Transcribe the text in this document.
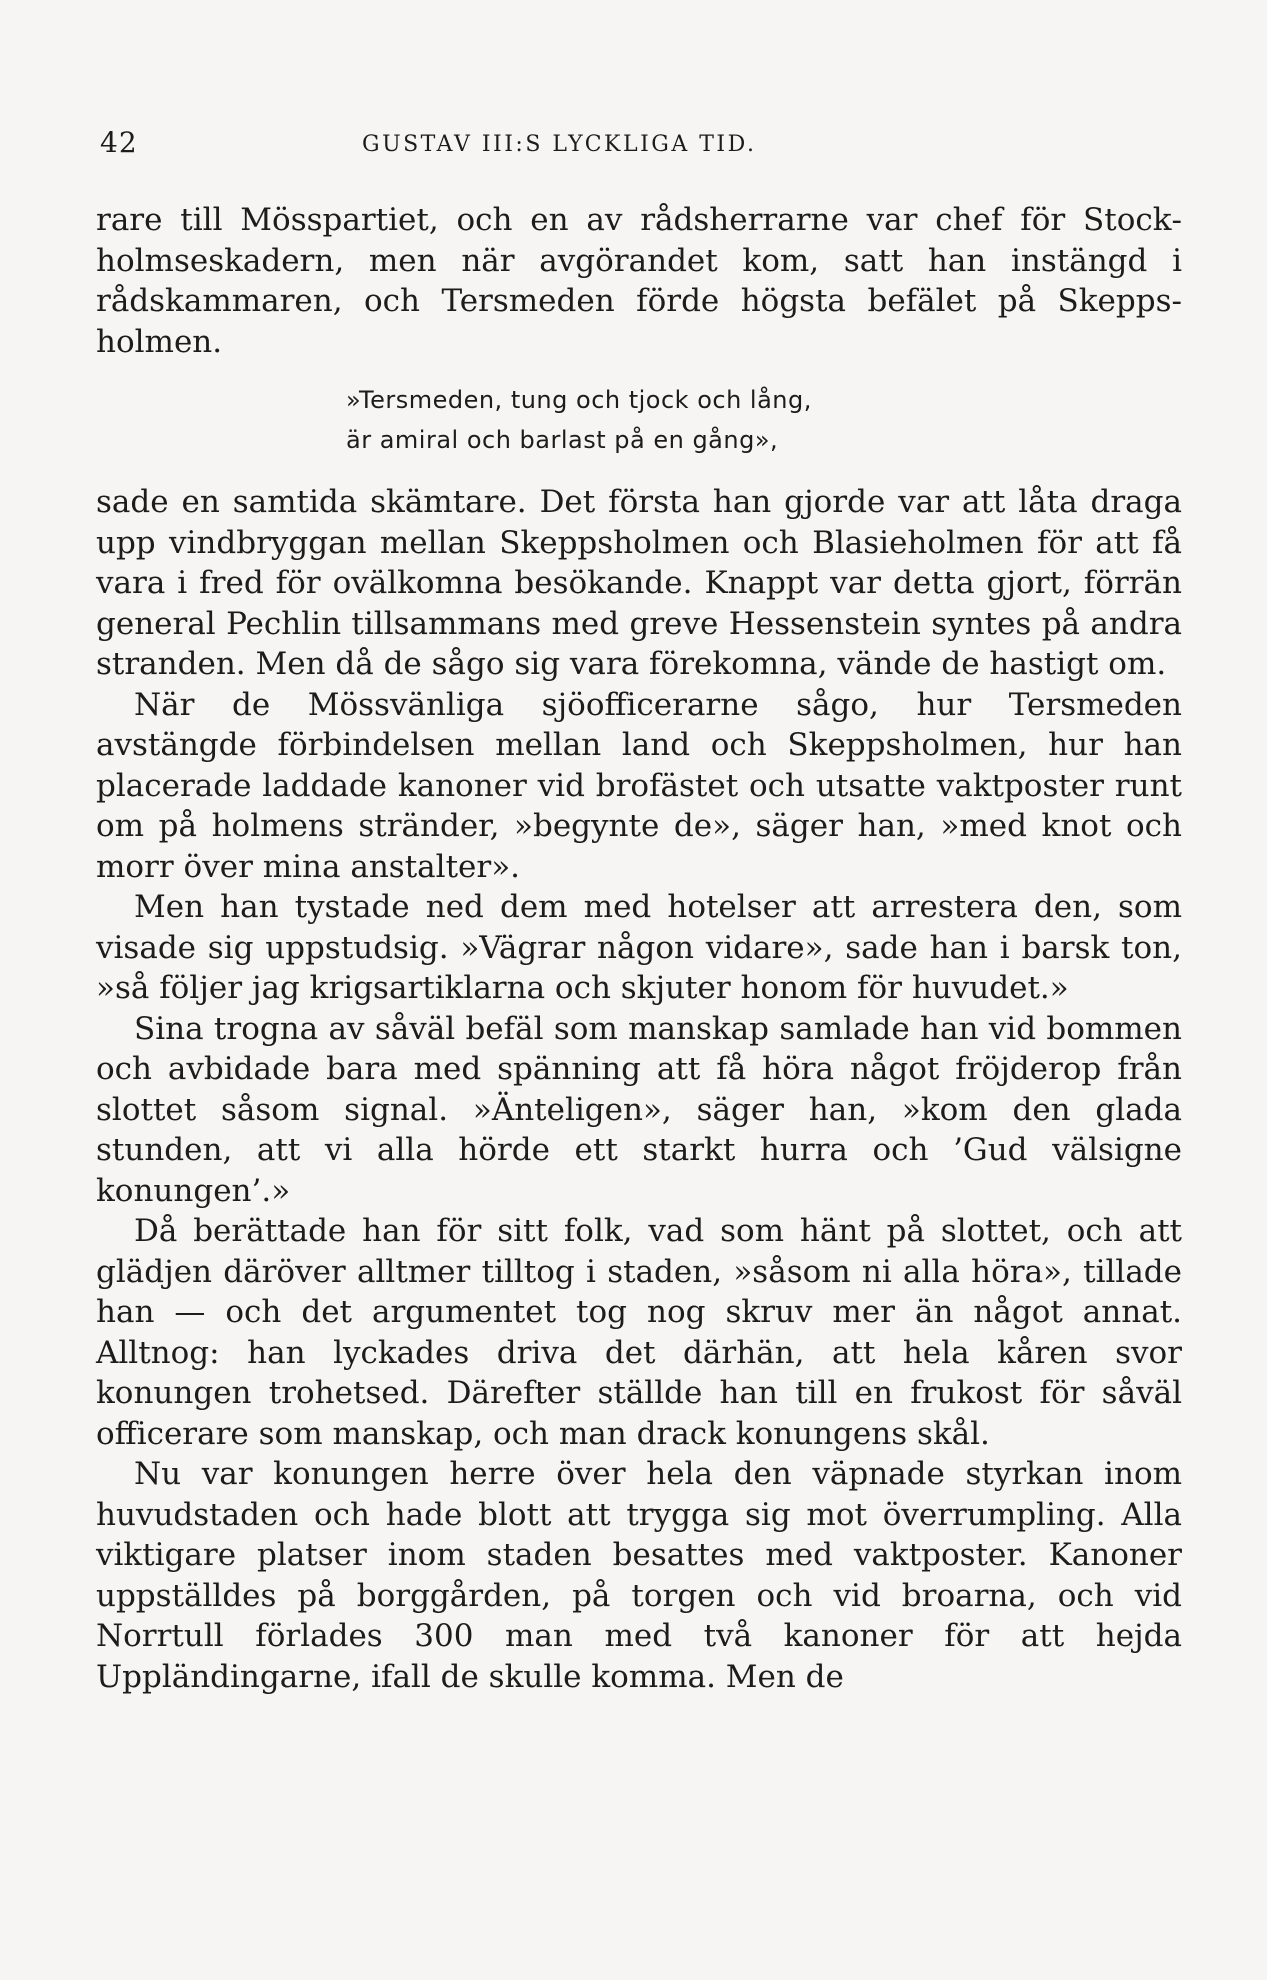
42	GUSTAV III:S LYCKLIGA TID.

rare till Mösspartiet, och en av rådsherrarne var chef för Stockholmseskadern, men när avgörandet kom, satt han instängd i rådskammaren, och Tersmeden förde högsta befälet på Skeppsholmen.

»Tersmeden, tung och tjock och lång,
är amiral och barlast på en gång»,

sade en samtida skämtare. Det första han gjorde var att låta draga upp vindbryggan mellan Skeppsholmen och Blasieholmen för att få vara i fred för ovälkomna besökande. Knappt var detta gjort, förrän general Pechlin tillsammans med greve Hessenstein syntes på andra stranden. Men då de sågo sig vara förekomna, vände de hastigt om.

När de Mössvänliga sjöofficerarne sågo, hur Tersmeden avstängde förbindelsen mellan land och Skeppsholmen, hur han placerade laddade kanoner vid brofästet och utsatte vaktposter runt om på holmens stränder, »begynte de», säger han, »med knot och morr över mina anstalter».

Men han tystade ned dem med hotelser att arrestera den, som visade sig uppstudsig. »Vägrar någon vidare», sade han i barsk ton, »så följer jag krigsartiklarna och skjuter honom för huvudet.»

Sina trogna av såväl befäl som manskap samlade han vid bommen och avbidade bara med spänning att få höra något fröjderop från slottet såsom signal. »Änteligen», säger han, »kom den glada stunden, att vi alla hörde ett starkt hurra och ’Gud välsigne konungen’.»

Då berättade han för sitt folk, vad som hänt på slottet, och att glädjen däröver alltmer tilltog i staden, »såsom ni alla höra», tillade han — och det argumentet tog nog skruv mer än något annat. Alltnog: han lyckades driva det därhän, att hela kåren svor konungen trohetsed. Därefter ställde han till en frukost för såväl officerare som manskap, och man drack konungens skål.

Nu var konungen herre över hela den väpnade styrkan inom huvudstaden och hade blott att trygga sig mot överrumpling. Alla viktigare platser inom staden besattes med vaktposter. Kanoner uppställdes på borggården, på torgen och vid broarna, och vid Norrtull förlades 300 man med två kanoner för att hejda Uppländingarne, ifall de skulle komma. Men de
